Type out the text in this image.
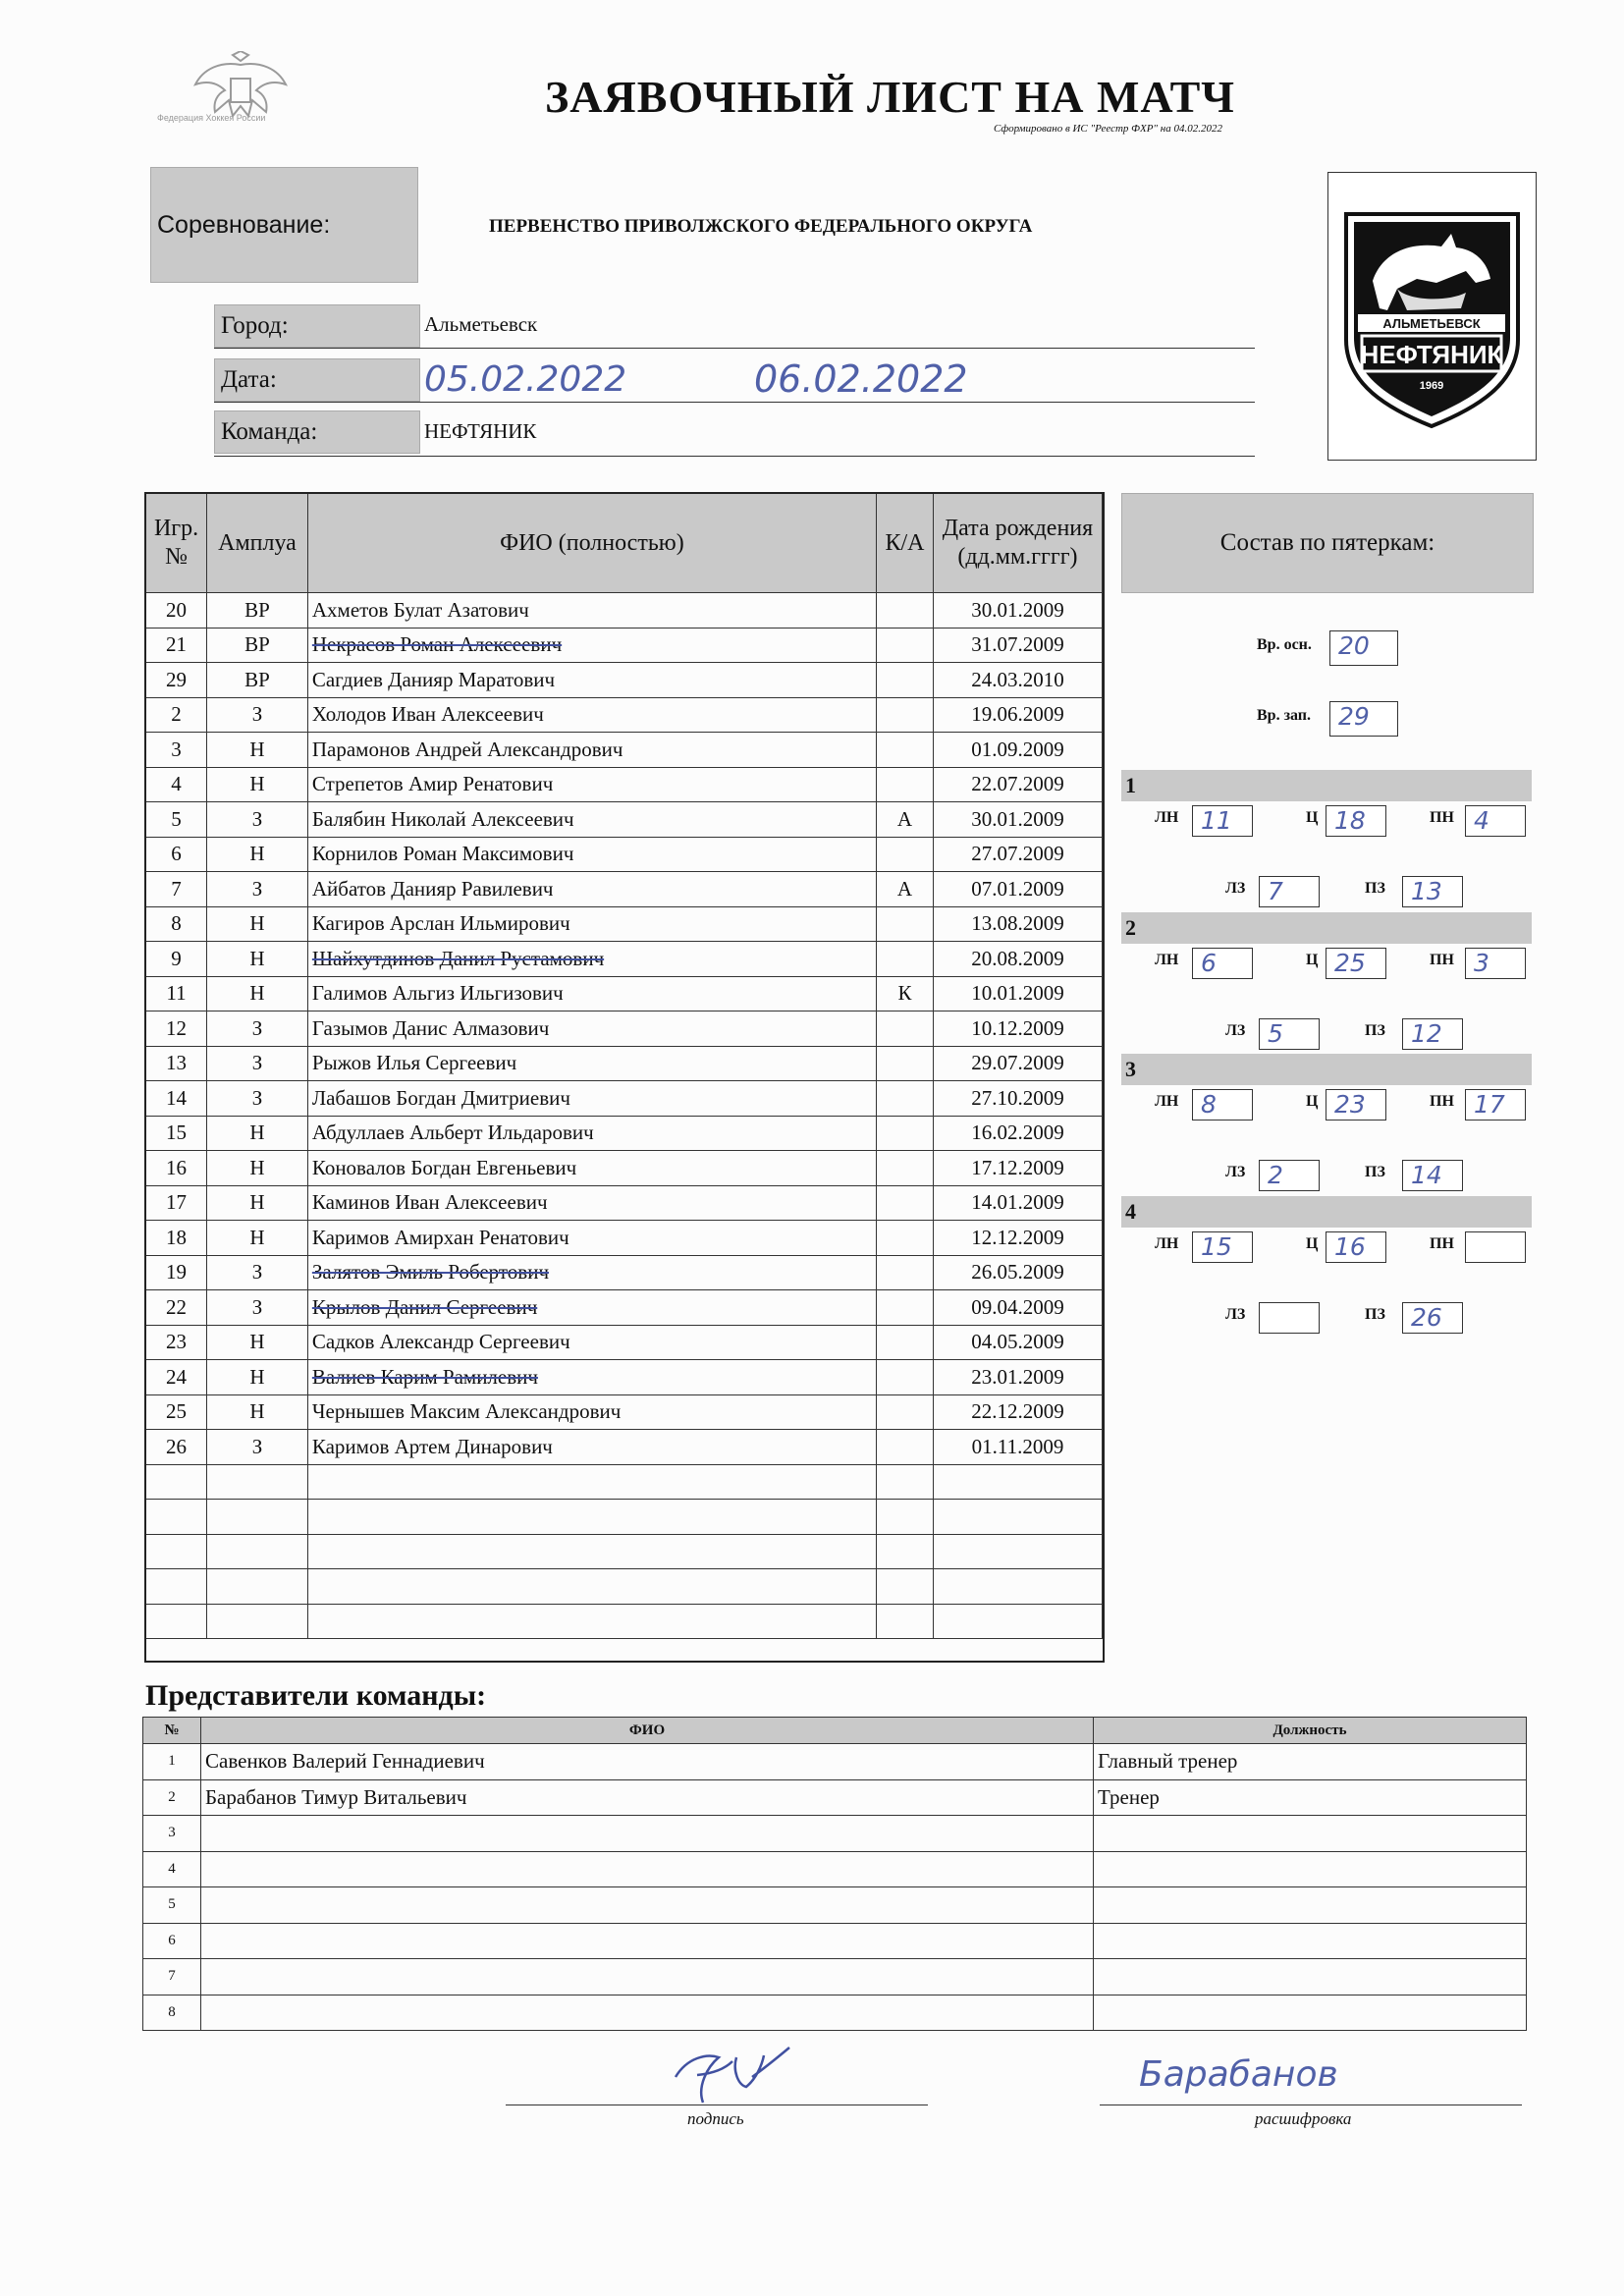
Федерация Хоккея России	ЗАЯВОЧНЫЙ ЛИСТ НА МАТЧ
Сформировано в ИС "Реестр ФХР" на 04.02.2022
Соревнование:	ПЕРВЕНСТВО ПРИВОЛЖСКОГО ФЕДЕРАЛЬНОГО ОКРУГА
Город:	Альметьевск
Дата:	05.02.2022	06.02.2022
Команда:	НЕФТЯНИК
АЛЬМЕТЬЕВСК
НЕФТЯНИК
1969
Игр. №	Амплуа	ФИО (полностью)	К/А	Дата рождения (дд.мм.гггг)
20	ВР	Ахметов Булат Азатович		30.01.2009
21	ВР	Некрасов Роман Алексеевич		31.07.2009
29	ВР	Сагдиев Данияр Маратович		24.03.2010
2	З	Холодов Иван Алексеевич		19.06.2009
3	Н	Парамонов Андрей Александрович		01.09.2009
4	Н	Стрепетов Амир Ренатович		22.07.2009
5	З	Балябин Николай Алексеевич	А	30.01.2009
6	Н	Корнилов Роман Максимович		27.07.2009
7	З	Айбатов Данияр Равилевич	А	07.01.2009
8	Н	Кагиров Арслан Ильмирович		13.08.2009
9	Н	Шайхутдинов Данил Рустамович		20.08.2009
11	Н	Галимов Альгиз Ильгизович	К	10.01.2009
12	З	Газымов Данис Алмазович		10.12.2009
13	З	Рыжов Илья Сергеевич		29.07.2009
14	З	Лабашов Богдан Дмитриевич		27.10.2009
15	Н	Абдуллаев Альберт Ильдарович		16.02.2009
16	Н	Коновалов Богдан Евгеньевич		17.12.2009
17	Н	Каминов Иван Алексеевич		14.01.2009
18	Н	Каримов Амирхан Ренатович		12.12.2009
19	З	Залятов Эмиль Робертович		26.05.2009
22	З	Крылов Данил Сергеевич		09.04.2009
23	Н	Садков Александр Сергеевич		04.05.2009
24	Н	Валиев Карим Рамилевич		23.01.2009
25	Н	Чернышев Максим Александрович		22.12.2009
26	З	Каримов Артем Динарович		01.11.2009

Состав по пятеркам:
Вр. осн.	20
Вр. зап.	29
1
ЛН 11	Ц 18	ПН 4
ЛЗ 7	ПЗ	13
2
ЛН 6	Ц 25	ПН 3
ЛЗ 5	ПЗ	12
3
ЛН 8	Ц 23	ПН 17
ЛЗ 2	ПЗ	14
4
ЛН 15	Ц 16	ПН
ЛЗ	ПЗ	26
Представители команды:
№	ФИО	Должность
1	Савенков Валерий Геннадиевич	Главный тренер
2	Барабанов Тимур Витальевич	Тренер
3		
4		
5		
6		
7		
8		
подпись
Барабанов
расшифровка
